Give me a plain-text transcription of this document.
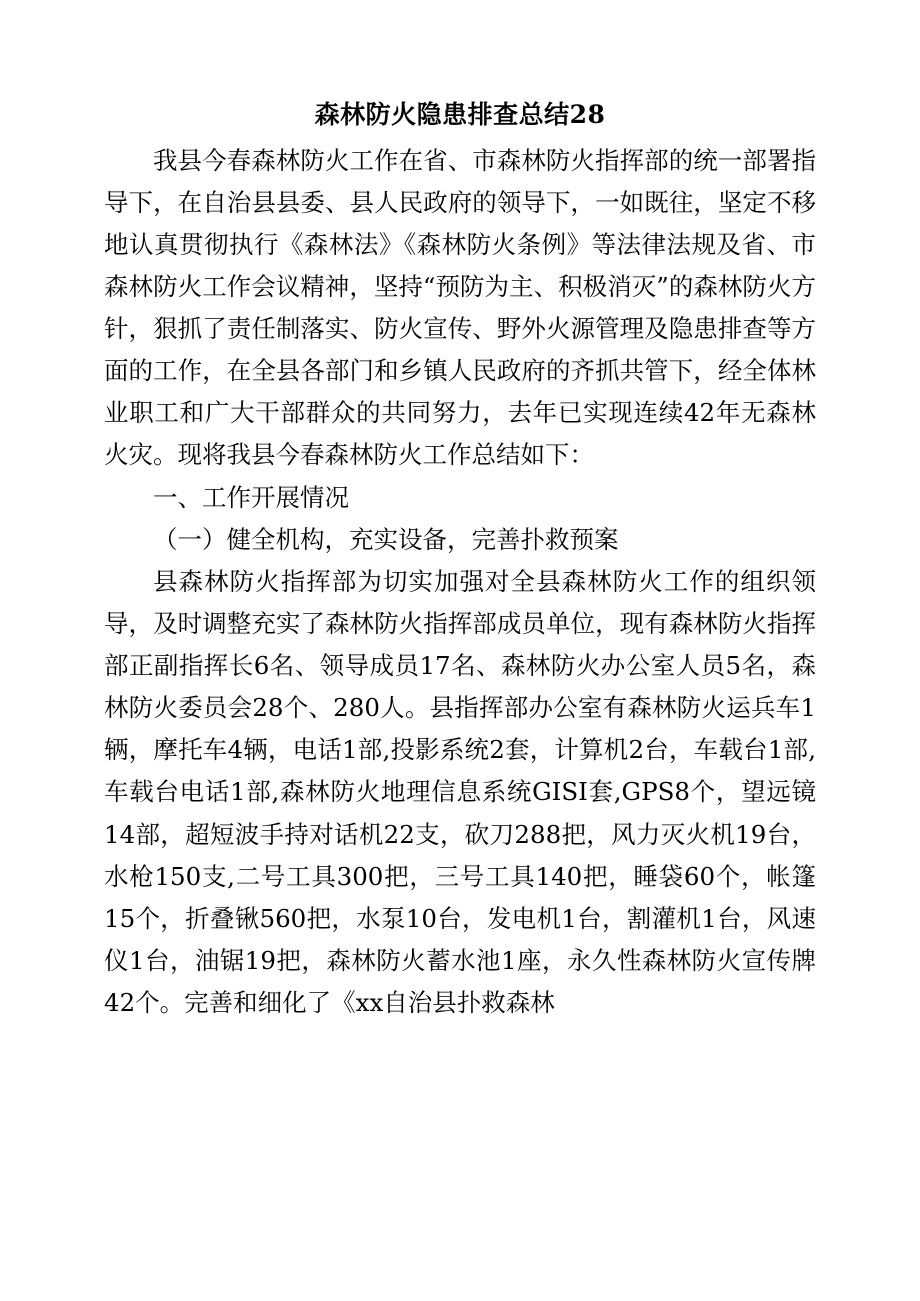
森林防火隐患排查总结28

我县今春森林防火工作在省、市森林防火指挥部的统一部署指导下，在自治县县委、县人民政府的领导下，一如既往，坚定不移地认真贯彻执行《森林法》《森林防火条例》等法律法规及省、市森林防火工作会议精神，坚持“预防为主、积极消灭”的森林防火方针，狠抓了责任制落实、防火宣传、野外火源管理及隐患排查等方面的工作，在全县各部门和乡镇人民政府的齐抓共管下，经全体林业职工和广大干部群众的共同努力，去年已实现连续42年无森林火灾。现将我县今春森林防火工作总结如下：

一、工作开展情况

（一）健全机构，充实设备，完善扑救预案

县森林防火指挥部为切实加强对全县森林防火工作的组织领导，及时调整充实了森林防火指挥部成员单位，现有森林防火指挥部正副指挥长6名、领导成员17名、森林防火办公室人员5名，森林防火委员会28个、280人。县指挥部办公室有森林防火运兵车1辆，摩托车4辆，电话1部,投影系统2套，计算机2台，车载台1部,车载台电话1部,森林防火地理信息系统GISI套,GPS8个，望远镜14部，超短波手持对话机22支，砍刀288把，风力灭火机19台，水枪150支,二号工具300把，三号工具140把，睡袋60个，帐篷15个，折叠锹560把，水泵10台，发电机1台，割灌机1台，风速仪1台，油锯19把，森林防火蓄水池1座，永久性森林防火宣传牌42个。完善和细化了《xx自治县扑救森林
